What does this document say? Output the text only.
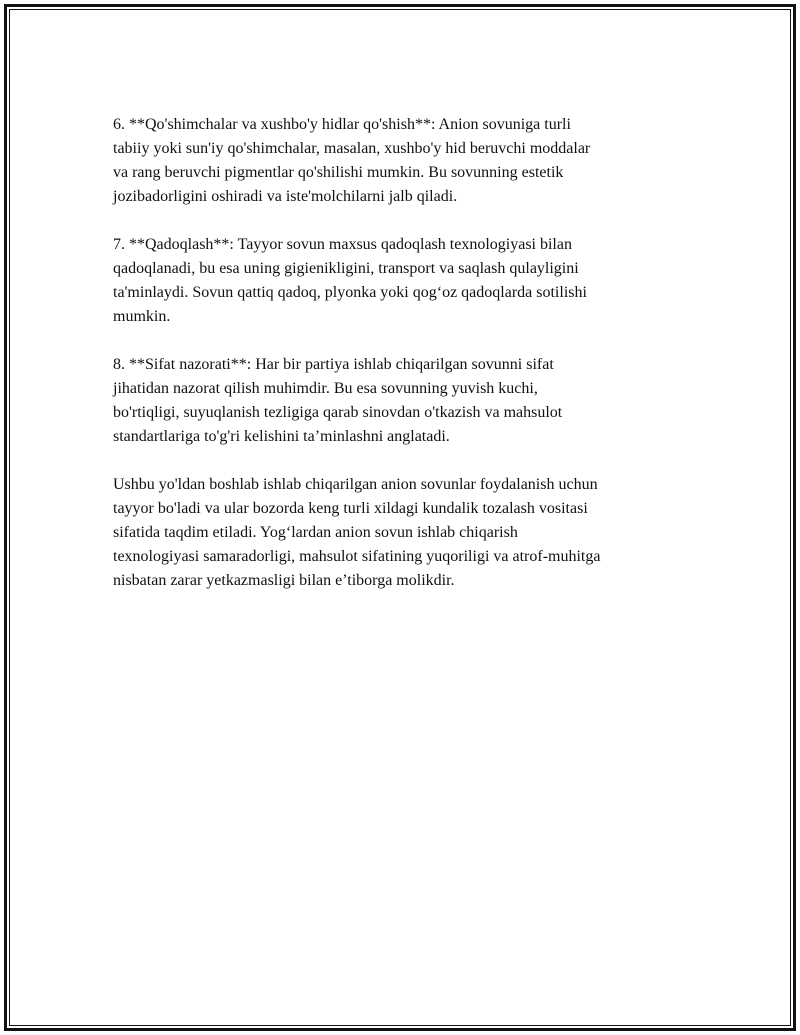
6. **Qo'shimchalar va xushbo'y hidlar qo'shish**: Anion sovuniga turli
tabiiy yoki sun'iy qo'shimchalar, masalan, xushbo'y hid beruvchi moddalar
va rang beruvchi pigmentlar qo'shilishi mumkin. Bu sovunning estetik
jozibadorligini oshiradi va iste'molchilarni jalb qiladi.

7. **Qadoqlash**: Tayyor sovun maxsus qadoqlash texnologiyasi bilan
qadoqlanadi, bu esa uning gigienikligini, transport va saqlash qulayligini
ta'minlaydi. Sovun qattiq qadoq, plyonka yoki qog‘oz qadoqlarda sotilishi
mumkin.

8. **Sifat nazorati**: Har bir partiya ishlab chiqarilgan sovunni sifat
jihatidan nazorat qilish muhimdir. Bu esa sovunning yuvish kuchi,
bo'rtiqligi, suyuqlanish tezligiga qarab sinovdan o'tkazish va mahsulot
standartlariga to'g'ri kelishini ta’minlashni anglatadi.

Ushbu yo'ldan boshlab ishlab chiqarilgan anion sovunlar foydalanish uchun
tayyor bo'ladi va ular bozorda keng turli xildagi kundalik tozalash vositasi
sifatida taqdim etiladi. Yog‘lardan anion sovun ishlab chiqarish
texnologiyasi samaradorligi, mahsulot sifatining yuqoriligi va atrof-muhitga
nisbatan zarar yetkazmasligi bilan e’tiborga molikdir.
